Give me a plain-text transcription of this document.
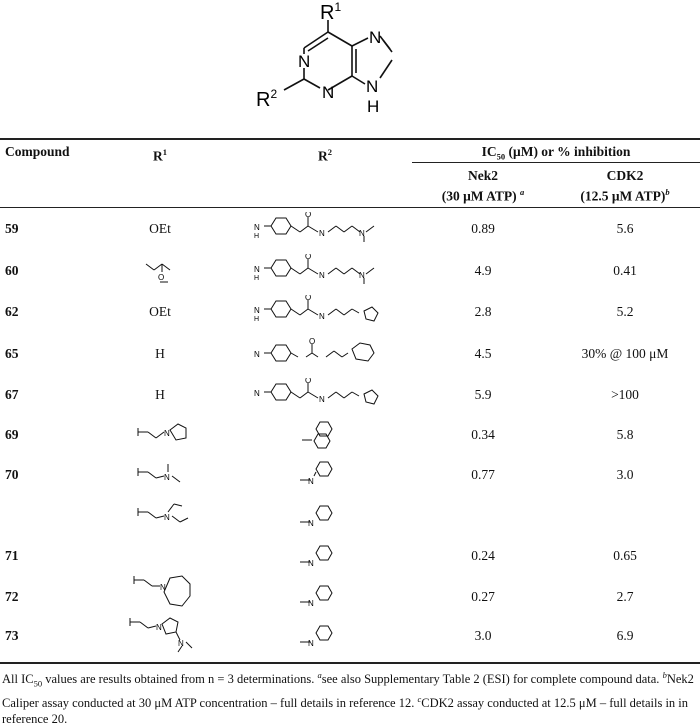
$R^1$
N
N
N
N
H
$R^2$
Compound	$R^1$	$R^2$	$IC_{50}$ (μM) or % inhibition
Nek2
(30 μM ATP) $^a$
CDK2
(12.5 μM ATP)$^b$
59	OEt	0.89	5.6
60	4.9	0.41
62	OEt	2.8	5.2
65	H	4.5	30% @ 100 μM
67	H	5.9	>100
69	0.34	5.8
70	0.77	3.0
71	0.24	0.65
72	0.27	2.7
73	3.0	6.9
N
H
O
N	N
N
H
O
N	N
N
H
O
N
N
O
N
O
N
O
N
N
N
N
N
N
N
N
N
N
N
All $IC_{50}$ values are results obtained from n = 3 determinations. $^a$see also Supplementary Table 2 (ESI) for complete compound data. $^b$Nek2 Caliper assay conducted at 30 μM ATP concentration – full details in reference 12. $^c$CDK2 assay conducted at 12.5 μM – full details in in reference 20.
